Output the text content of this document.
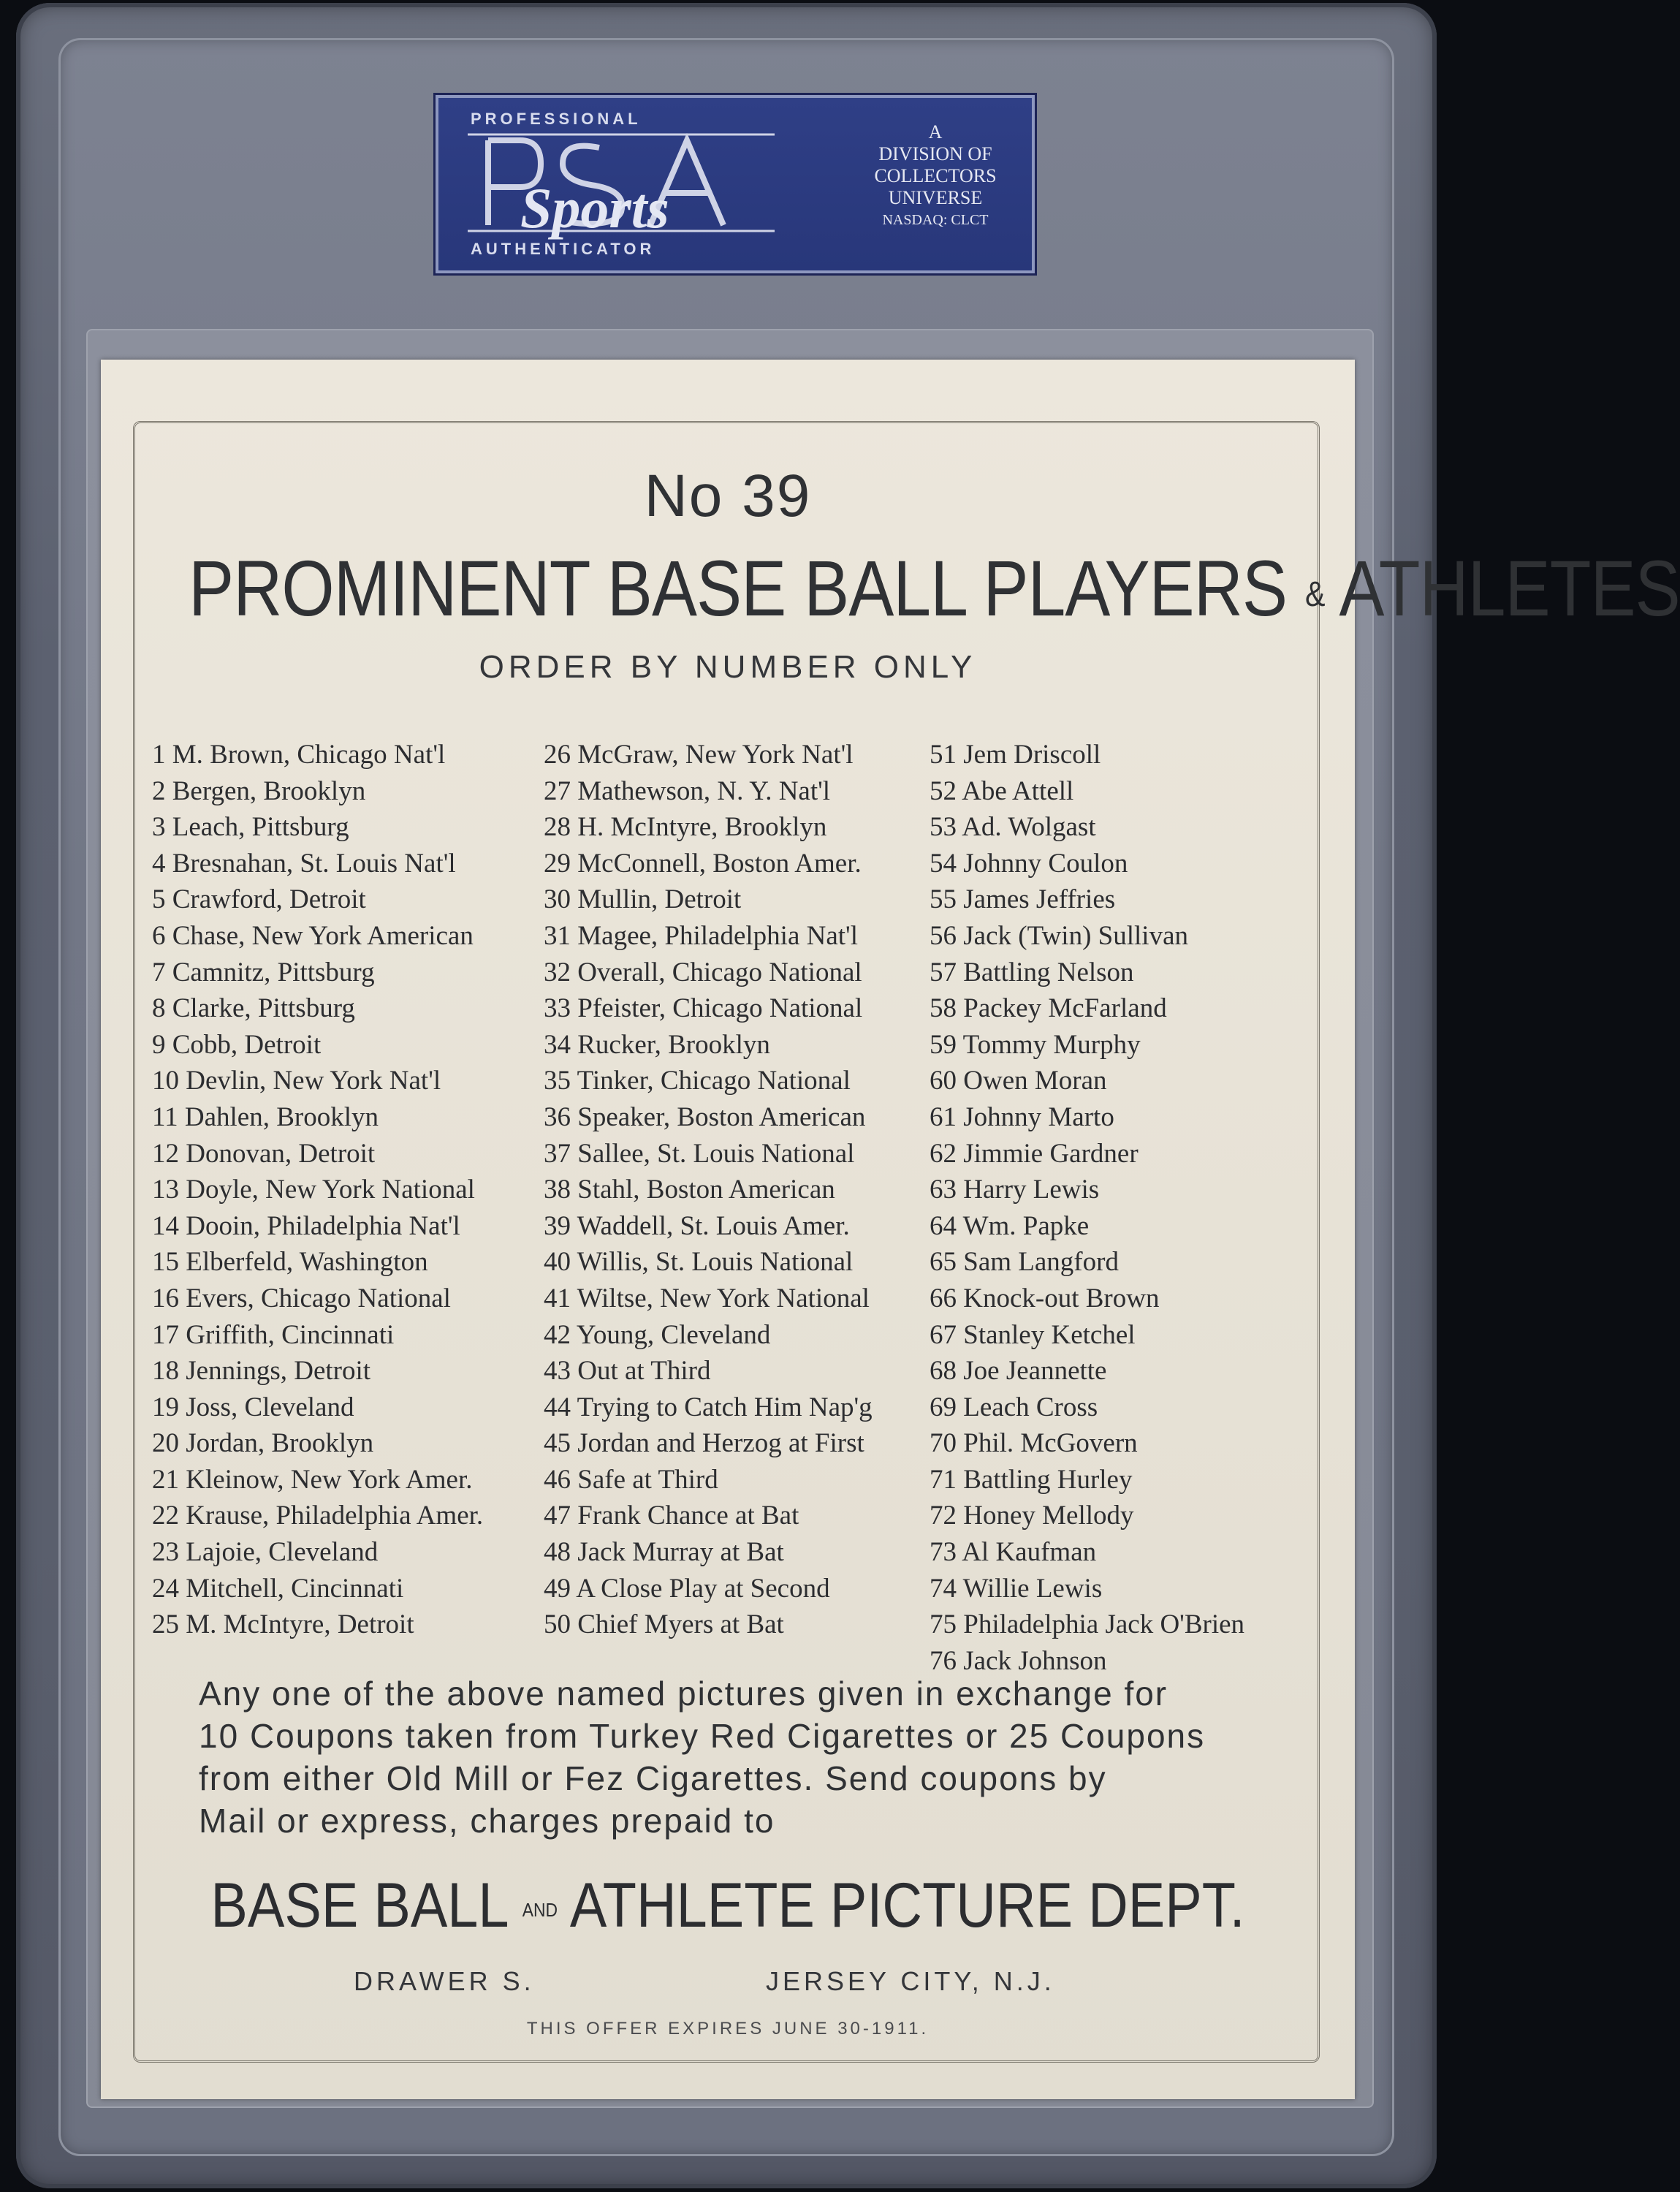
PROFESSIONAL
Sports
AUTHENTICATOR
A
DIVISION OF
COLLECTORS
UNIVERSE
NASDAQ: CLCT
No 39
PROMINENT BASE BALL PLAYERS & ATHLETES
ORDER BY NUMBER ONLY
1 M. Brown, Chicago Nat'l
2 Bergen, Brooklyn
3 Leach, Pittsburg
4 Bresnahan, St. Louis Nat'l
5 Crawford, Detroit
6 Chase, New York American
7 Camnitz, Pittsburg
8 Clarke, Pittsburg
9 Cobb, Detroit
10 Devlin, New York Nat'l
11 Dahlen, Brooklyn
12 Donovan, Detroit
13 Doyle, New York National
14 Dooin, Philadelphia Nat'l
15 Elberfeld, Washington
16 Evers, Chicago National
17 Griffith, Cincinnati
18 Jennings, Detroit
19 Joss, Cleveland
20 Jordan, Brooklyn
21 Kleinow, New York Amer.
22 Krause, Philadelphia Amer.
23 Lajoie, Cleveland
24 Mitchell, Cincinnati
25 M. McIntyre, Detroit
26 McGraw, New York Nat'l
27 Mathewson, N. Y. Nat'l
28 H. McIntyre, Brooklyn
29 McConnell, Boston Amer.
30 Mullin, Detroit
31 Magee, Philadelphia Nat'l
32 Overall, Chicago National
33 Pfeister, Chicago National
34 Rucker, Brooklyn
35 Tinker, Chicago National
36 Speaker, Boston American
37 Sallee, St. Louis National
38 Stahl, Boston American
39 Waddell, St. Louis Amer.
40 Willis, St. Louis National
41 Wiltse, New York National
42 Young, Cleveland
43 Out at Third
44 Trying to Catch Him Nap'g
45 Jordan and Herzog at First
46 Safe at Third
47 Frank Chance at Bat
48 Jack Murray at Bat
49 A Close Play at Second
50 Chief Myers at Bat
51 Jem Driscoll
52 Abe Attell
53 Ad. Wolgast
54 Johnny Coulon
55 James Jeffries
56 Jack (Twin) Sullivan
57 Battling Nelson
58 Packey McFarland
59 Tommy Murphy
60 Owen Moran
61 Johnny Marto
62 Jimmie Gardner
63 Harry Lewis
64 Wm. Papke
65 Sam Langford
66 Knock-out Brown
67 Stanley Ketchel
68 Joe Jeannette
69 Leach Cross
70 Phil. McGovern
71 Battling Hurley
72 Honey Mellody
73 Al Kaufman
74 Willie Lewis
75 Philadelphia Jack O'Brien
76 Jack Johnson
Any one of the above named pictures given in exchange for
10 Coupons taken from Turkey Red Cigarettes or 25 Coupons
from either Old Mill or Fez Cigarettes. Send coupons by
Mail or express, charges prepaid to
BASE BALL AND ATHLETE PICTURE DEPT.
DRAWER S.	JERSEY CITY, N.J.
THIS OFFER EXPIRES JUNE 30-1911.
